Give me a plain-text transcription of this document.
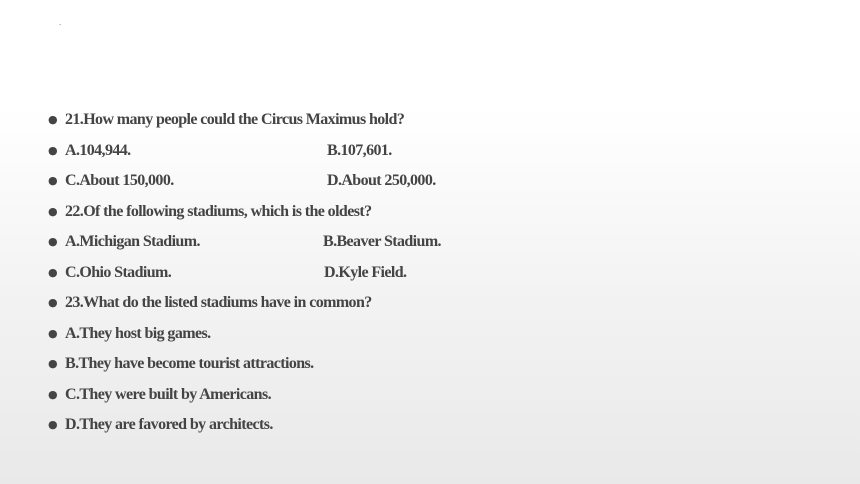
.
● 21.How many people could the Circus Maximus hold?
● A.104,944.	B.107,601.
● C.About 150,000.	D.About 250,000.
● 22.Of the following stadiums, which is the oldest?
● A.Michigan Stadium.	B.Beaver Stadium.
● C.Ohio Stadium.	D.Kyle Field.
● 23.What do the listed stadiums have in common?
● A.They host big games.
● B.They have become tourist attractions.
● C.They were built by Americans.
● D.They are favored by architects.
